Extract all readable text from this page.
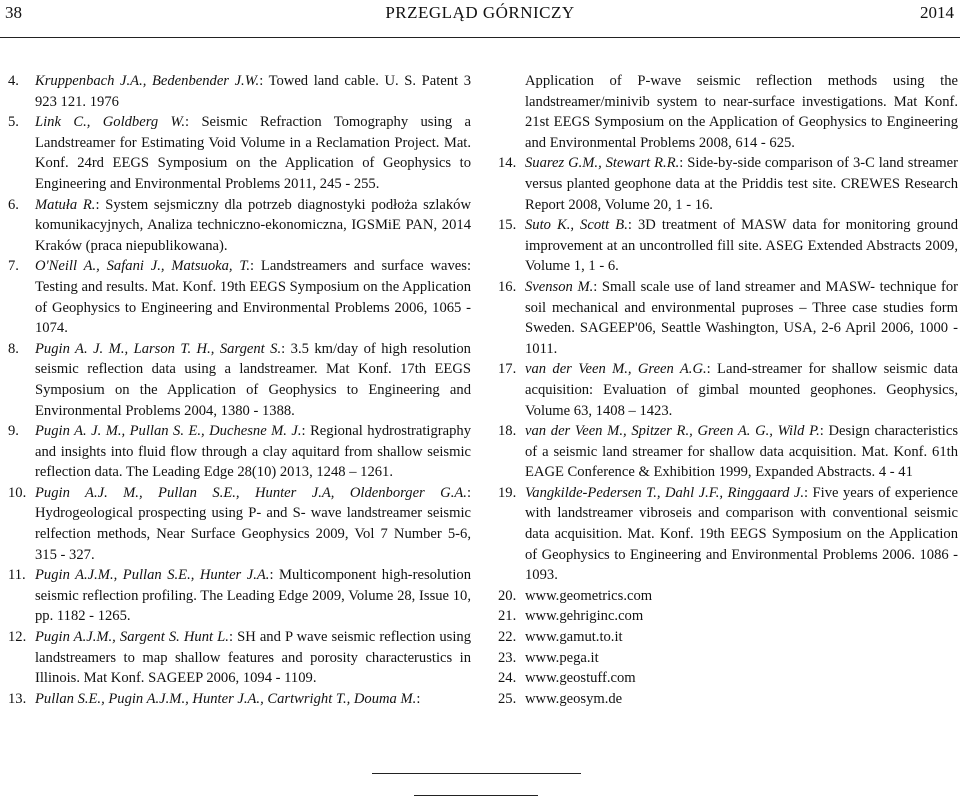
38	PRZEGLĄD GÓRNICZY	2014
4. Kruppenbach J.A., Bedenbender J.W.: Towed land cable. U. S. Patent 3 923 121. 1976
5. Link C., Goldberg W.: Seismic Refraction Tomography using a Landstreamer for Estimating Void Volume in a Reclamation Project. Mat. Konf. 24rd EEGS Symposium on the Application of Geophysics to Engineering and Environmental Problems 2011, 245 - 255.
6. Matuła R.: System sejsmiczny dla potrzeb diagnostyki podłoża szlaków komunikacyjnych, Analiza techniczno-ekonomiczna, IGSMiE PAN, 2014 Kraków (praca niepublikowana).
7. O'Neill A., Safani J., Matsuoka, T.: Landstreamers and surface waves: Testing and results. Mat. Konf. 19th EEGS Symposium on the Application of Geophysics to Engineering and Environmental Problems 2006, 1065 - 1074.
8. Pugin A. J. M., Larson T. H., Sargent S.: 3.5 km/day of high resolution seismic reflection data using a landstreamer. Mat Konf. 17th EEGS Symposium on the Application of Geophysics to Engineering and Environmental Problems 2004, 1380 - 1388.
9. Pugin A. J. M., Pullan S. E., Duchesne M. J.: Regional hydrostratigraphy and insights into fluid flow through a clay aquitard from shallow seismic reflection data. The Leading Edge 28(10) 2013, 1248 – 1261.
10. Pugin A.J. M., Pullan S.E., Hunter J.A, Oldenborger G.A.: Hydrogeological prospecting using P- and S- wave landstreamer seismic relfection methods, Near Surface Geophysics 2009, Vol 7 Number 5-6, 315 - 327.
11. Pugin A.J.M., Pullan S.E., Hunter J.A.: Multicomponent high-resolution seismic reflection profiling. The Leading Edge 2009, Volume 28, Issue 10, pp. 1182 - 1265.
12. Pugin A.J.M., Sargent S. Hunt L.: SH and P wave seismic reflection using landstreamers to map shallow features and porosity characterustics in Illinois. Mat Konf. SAGEEP 2006, 1094 - 1109.
13. Pullan S.E., Pugin A.J.M., Hunter J.A., Cartwright T., Douma M.:
Application of P-wave seismic reflection methods using the landstreamer/minivib system to near-surface investigations. Mat Konf. 21st EEGS Symposium on the Application of Geophysics to Engineering and Environmental Problems 2008, 614 - 625.
14. Suarez G.M., Stewart R.R.: Side-by-side comparison of 3-C land streamer versus planted geophone data at the Priddis test site. CREWES Research Report 2008, Volume 20, 1 - 16.
15. Suto K., Scott B.: 3D treatment of MASW data for monitoring ground improvement at an uncontrolled fill site. ASEG Extended Abstracts 2009, Volume 1, 1 - 6.
16. Svenson M.: Small scale use of land streamer and MASW- technique for soil mechanical and environmental puproses – Three case studies form Sweden. SAGEEP'06, Seattle Washington, USA, 2-6 April 2006, 1000 - 1011.
17. van der Veen M., Green A.G.: Land-streamer for shallow seismic data acquisition: Evaluation of gimbal mounted geophones. Geophysics, Volume 63, 1408 – 1423.
18. van der Veen M., Spitzer R., Green A. G., Wild P.: Design characteristics of a seismic land streamer for shallow data acquisition. Mat. Konf. 61th EAGE Conference & Exhibition 1999, Expanded Abstracts. 4 - 41
19. Vangkilde-Pedersen T., Dahl J.F., Ringgaard J.: Five years of experience with landstreamer vibroseis and comparison with conventional seismic data acquisition. Mat. Konf. 19th EEGS Symposium on the Application of Geophysics to Engineering and Environmental Problems 2006. 1086 - 1093.
20. www.geometrics.com
21. www.gehriginc.com
22. www.gamut.to.it
23. www.pega.it
24. www.geostuff.com
25. www.geosym.de
